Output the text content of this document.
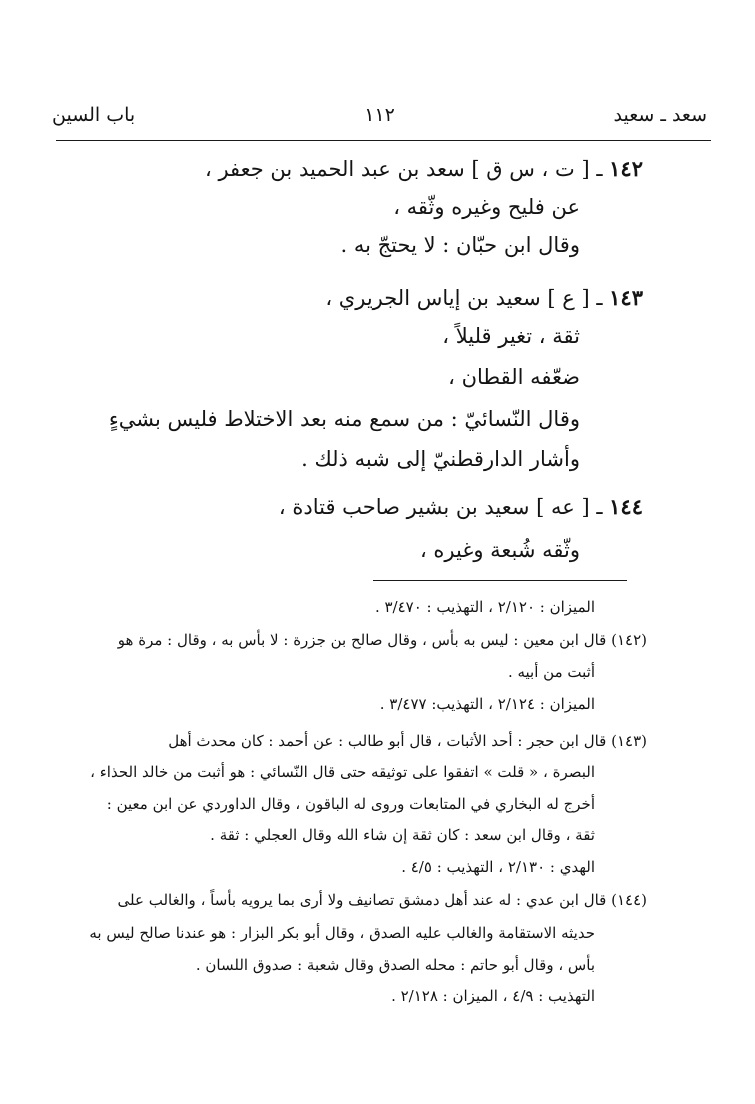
سعد ـ سعيد
١١٢
باب السين
١٤٢ ـ [ ت ، س ق ] سعد بن عبد الحميد بن جعفر ،
عن فليح وغيره وثّقه ،
وقال ابن حبّان : لا يحتجّ به .
١٤٣ ـ [ ع ] سعيد بن إياس الجريري ،
ثقة ، تغير قليلاً ،
ضعّفه القطان ،
وقال النّسائيّ : من سمع منه بعد الاختلاط فليس بشيءٍ
وأشار الدارقطنيّ إلى شبه ذلك .
١٤٤ ـ [ عه ] سعيد بن بشير صاحب قتادة ،
وثّقه شُبعة وغيره ،
الميزان : ٢/١٢٠ ، التهذيب : ٣/٤٧٠ .
(١٤٢) قال ابن معين : ليس به بأس ، وقال صالح بن جزرة : لا بأس به ، وقال : مرة هو
أثبت من أبيه .
الميزان : ٢/١٢٤ ، التهذيب: ٣/٤٧٧ .
(١٤٣) قال ابن حجر : أحد الأثبات ، قال أبو طالب : عن أحمد : كان محدث أهل
البصرة ، « قلت » اتفقوا على توثيقه حتى قال النّسائي : هو أثبت من خالد الحذاء ،
أخرج له البخاري في المتابعات وروى له الباقون ، وقال الداوردي عن ابن معين :
ثقة ، وقال ابن سعد : كان ثقة إن شاء الله وقال العجلي : ثقة .
الهدي : ٢/١٣٠ ، التهذيب : ٤/٥ .
(١٤٤) قال ابن عدي : له عند أهل دمشق تصانيف ولا أرى بما يرويه بأساً ، والغالب على
حديثه الاستقامة والغالب عليه الصدق ، وقال أبو بكر البزار : هو عندنا صالح ليس به
بأس ، وقال أبو حاتم : محله الصدق وقال شعبة : صدوق اللسان .
التهذيب : ٤/٩ ، الميزان : ٢/١٢٨ .
